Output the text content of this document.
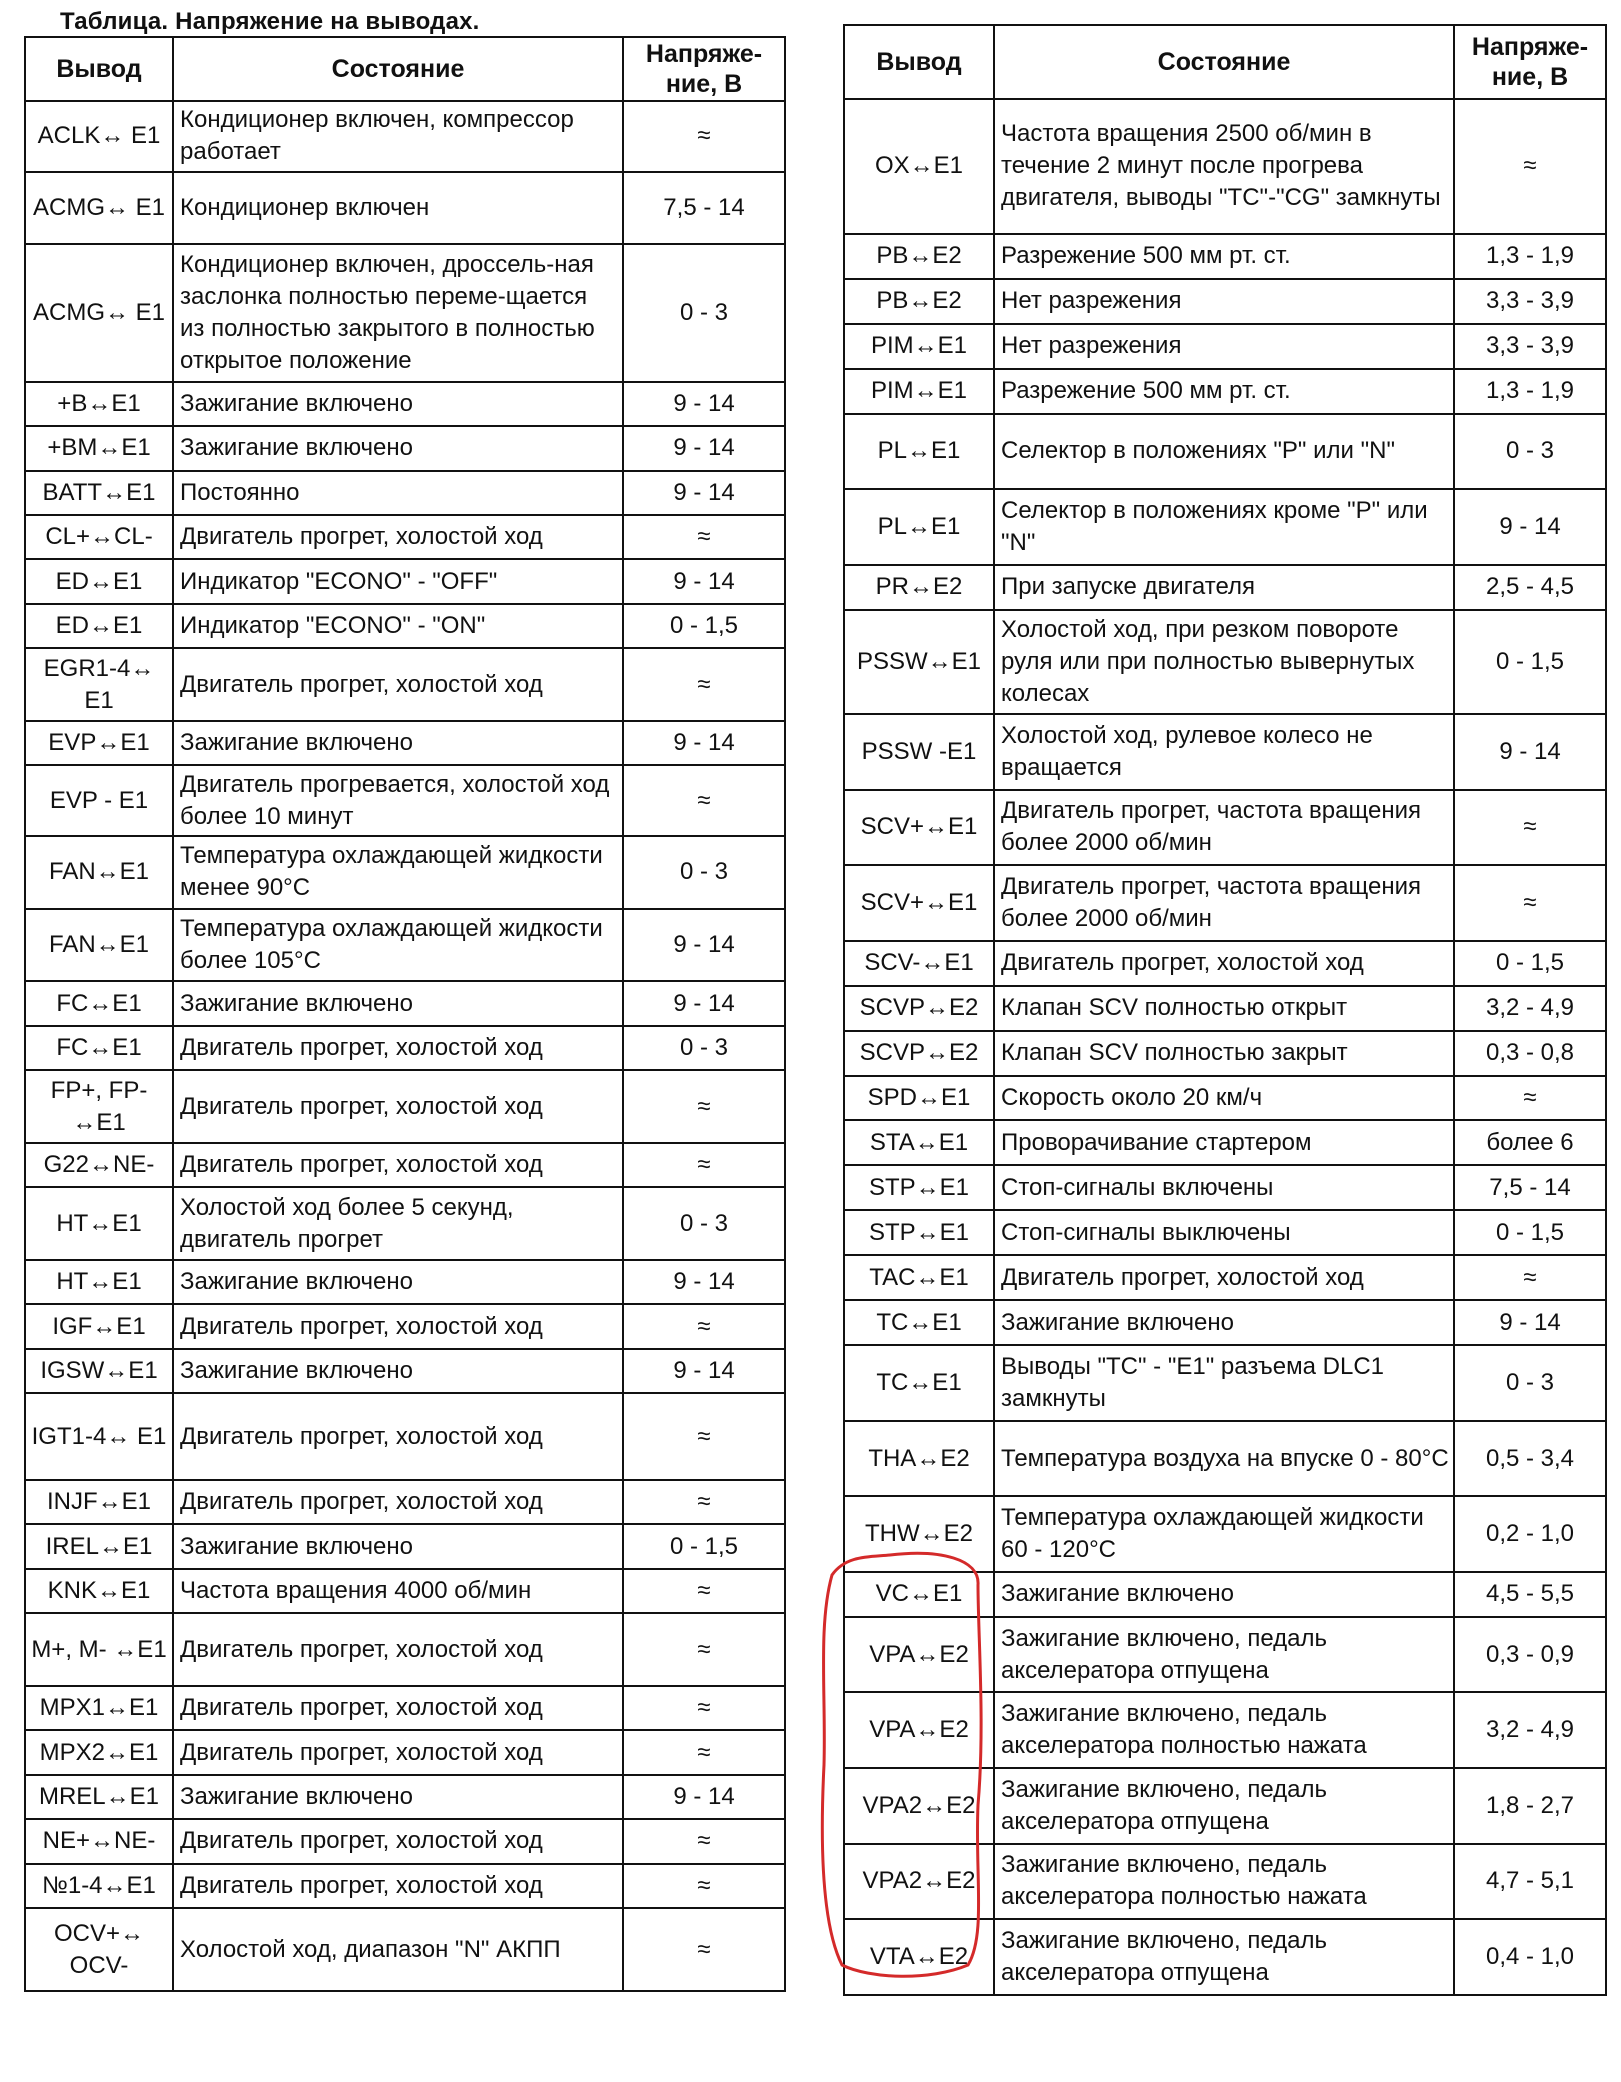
Таблица. Напряжение на выводах.
Вывод	Состояние	Напряже-ние, В
ACLK↔ E1	Кондиционер включен, компрессор работает	≈
ACMG↔ E1	Кондиционер включен	7,5 - 14
ACMG↔ E1	Кондиционер включен, дроссель-ная заслонка полностью переме-щается из полностью закрытого в полностью открытое положение	0 - 3
+B↔E1	Зажигание включено	9 - 14
+BM↔E1	Зажигание включено	9 - 14
BATT↔E1	Постоянно	9 - 14
CL+↔CL-	Двигатель прогрет, холостой ход	≈
ED↔E1	Индикатор "ECONO" - "OFF"	9 - 14
ED↔E1	Индикатор "ECONO" - "ON"	0 - 1,5
EGR1-4↔ E1	Двигатель прогрет, холостой ход	≈
EVP↔E1	Зажигание включено	9 - 14
EVP - E1	Двигатель прогревается, холостой ход более 10 минут	≈
FAN↔E1	Температура охлаждающей жидкости менее 90°C	0 - 3
FAN↔E1	Температура охлаждающей жидкости более 105°C	9 - 14
FC↔E1	Зажигание включено	9 - 14
FC↔E1	Двигатель прогрет, холостой ход	0 - 3
FP+, FP- ↔E1	Двигатель прогрет, холостой ход	≈
G22↔NE-	Двигатель прогрет, холостой ход	≈
HT↔E1	Холостой ход более 5 секунд, двигатель прогрет	0 - 3
HT↔E1	Зажигание включено	9 - 14
IGF↔E1	Двигатель прогрет, холостой ход	≈
IGSW↔E1	Зажигание включено	9 - 14
IGT1-4↔ E1	Двигатель прогрет, холостой ход	≈
INJF↔E1	Двигатель прогрет, холостой ход	≈
IREL↔E1	Зажигание включено	0 - 1,5
KNK↔E1	Частота вращения 4000 об/мин	≈
M+, M- ↔E1	Двигатель прогрет, холостой ход	≈
MPX1↔E1	Двигатель прогрет, холостой ход	≈
MPX2↔E1	Двигатель прогрет, холостой ход	≈
MREL↔E1	Зажигание включено	9 - 14
NE+↔NE-	Двигатель прогрет, холостой ход	≈
№1-4↔E1	Двигатель прогрет, холостой ход	≈
OCV+↔ OCV-	Холостой ход, диапазон "N" АКПП	≈
Вывод	Состояние	Напряже-ние, В
OX↔E1	Частота вращения 2500 об/мин в течение 2 минут после прогрева двигателя, выводы "TC"-"CG" замкнуты	≈
PB↔E2	Разрежение 500 мм рт. ст.	1,3 - 1,9
PB↔E2	Нет разрежения	3,3 - 3,9
PIM↔E1	Нет разрежения	3,3 - 3,9
PIM↔E1	Разрежение 500 мм рт. ст.	1,3 - 1,9
PL↔E1	Селектор в положениях "P" или "N"	0 - 3
PL↔E1	Селектор в положениях кроме "P" или "N"	9 - 14
PR↔E2	При запуске двигателя	2,5 - 4,5
PSSW↔E1	Холостой ход, при резком повороте руля или при полностью вывернутых колесах	0 - 1,5
PSSW -E1	Холостой ход, рулевое колесо не вращается	9 - 14
SCV+↔E1	Двигатель прогрет, частота вращения более 2000 об/мин	≈
SCV+↔E1	Двигатель прогрет, частота вращения более 2000 об/мин	≈
SCV-↔E1	Двигатель прогрет, холостой ход	0 - 1,5
SCVP↔E2	Клапан SCV полностью открыт	3,2 - 4,9
SCVP↔E2	Клапан SCV полностью закрыт	0,3 - 0,8
SPD↔E1	Скорость около 20 км/ч	≈
STA↔E1	Проворачивание стартером	более 6
STP↔E1	Стоп-сигналы включены	7,5 - 14
STP↔E1	Стоп-сигналы выключены	0 - 1,5
TAC↔E1	Двигатель прогрет, холостой ход	≈
TC↔E1	Зажигание включено	9 - 14
TC↔E1	Выводы "TC" - "E1" разъема DLC1 замкнуты	0 - 3
THA↔E2	Температура воздуха на впуске 0 - 80°C	0,5 - 3,4
THW↔E2	Температура охлаждающей жидкости 60 - 120°C	0,2 - 1,0
VC↔E1	Зажигание включено	4,5 - 5,5
VPA↔E2	Зажигание включено, педаль акселератора отпущена	0,3 - 0,9
VPA↔E2	Зажигание включено, педаль акселератора полностью нажата	3,2 - 4,9
VPA2↔E2	Зажигание включено, педаль акселератора отпущена	1,8 - 2,7
VPA2↔E2	Зажигание включено, педаль акселератора полностью нажата	4,7 - 5,1
VTA↔E2	Зажигание включено, педаль акселератора отпущена	0,4 - 1,0
